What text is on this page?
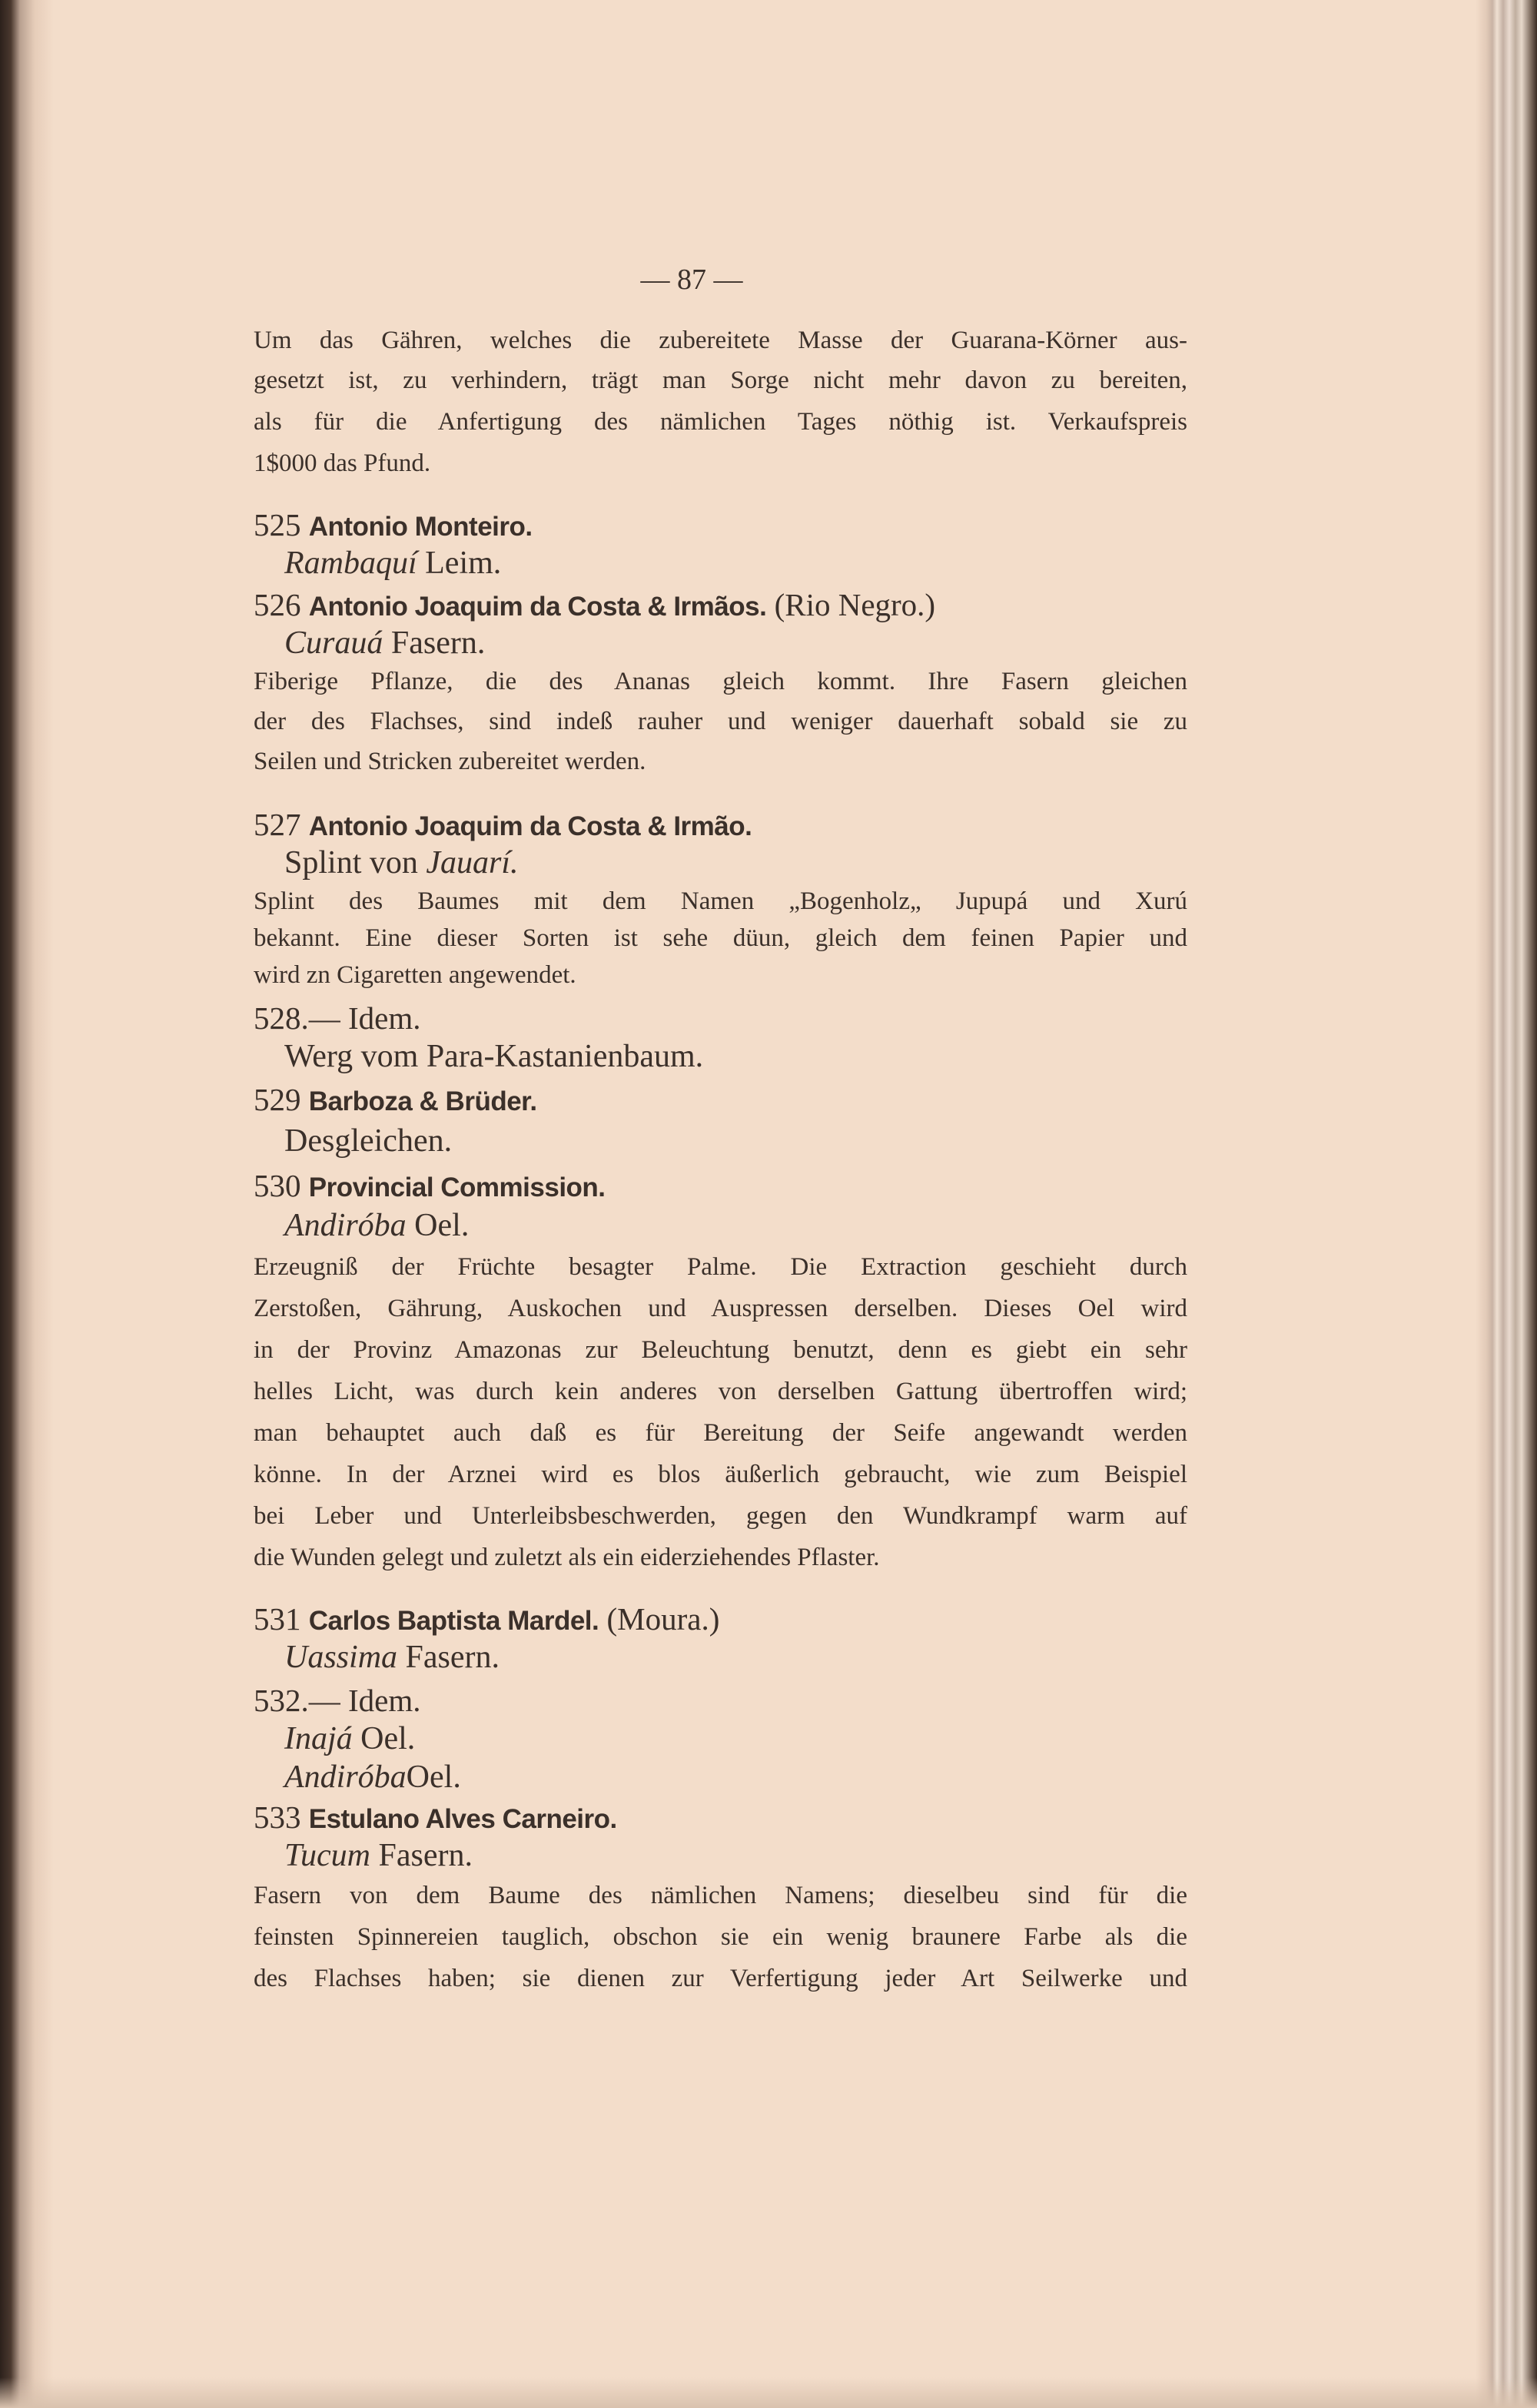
— 87 —
Um das Gähren, welches die zubereitete Masse der Guarana-Körner aus-
gesetzt ist, zu verhindern, trägt man Sorge nicht mehr davon zu bereiten,
als für die Anfertigung des nämlichen Tages nöthig ist. Verkaufspreis
1$000 das Pfund.
525 Antonio Monteiro.
Rambaquí Leim.
526 Antonio Joaquim da Costa & Irmãos. (Rio Negro.)
Curauá Fasern.
Fiberige Pflanze, die des Ananas gleich kommt. Ihre Fasern gleichen
der des Flachses, sind indeß rauher und weniger dauerhaft sobald sie zu
Seilen und Stricken zubereitet werden.
527 Antonio Joaquim da Costa & Irmão.
Splint von Jauarí.
Splint des Baumes mit dem Namen „Bogenholz„ Jupupá und Xurú
bekannt. Eine dieser Sorten ist sehe düun, gleich dem feinen Papier und
wird zn Cigaretten angewendet.
528.— Idem.
Werg vom Para-Kastanienbaum.
529 Barboza & Brüder.
Desgleichen.
530 Provincial Commission.
Andiróba Oel.
Erzeugniß der Früchte besagter Palme. Die Extraction geschieht durch
Zerstoßen, Gährung, Auskochen und Auspressen derselben. Dieses Oel wird
in der Provinz Amazonas zur Beleuchtung benutzt, denn es giebt ein sehr
helles Licht, was durch kein anderes von derselben Gattung übertroffen wird;
man behauptet auch daß es für Bereitung der Seife angewandt werden
könne. In der Arznei wird es blos äußerlich gebraucht, wie zum Beispiel
bei Leber und Unterleibsbeschwerden, gegen den Wundkrampf warm auf
die Wunden gelegt und zuletzt als ein eiderziehendes Pflaster.
531 Carlos Baptista Mardel. (Moura.)
Uassima Fasern.
532.— Idem.
Inajá Oel.
AndiróbaOel.
533 Estulano Alves Carneiro.
Tucum Fasern.
Fasern von dem Baume des nämlichen Namens; dieselbeu sind für die
feinsten Spinnereien tauglich, obschon sie ein wenig braunere Farbe als die
des Flachses haben; sie dienen zur Verfertigung jeder Art Seilwerke und
